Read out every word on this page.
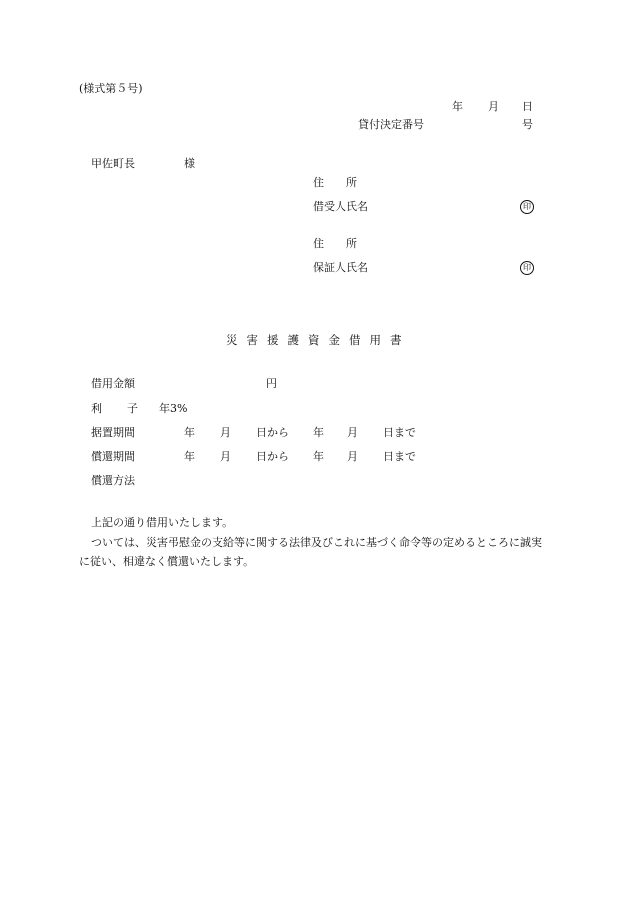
(様式第５号)
年 月 日
貸付決定番号	号
甲佐町長	様
住　　所
借受人氏名	印
住　　所
保証人氏名	印
災 害 援 護 資 金 借 用 書
借用金額	円
利 子 年3%
据置期間	年 月 日から 年 月 日まで
償還期間	年 月 日から 年 月 日まで
償還方法
上記の通り借用いたします。
ついては、災害弔慰金の支給等に関する法律及びこれに基づく命令等の定めるところに誠実に従い、相違なく償還いたします。
